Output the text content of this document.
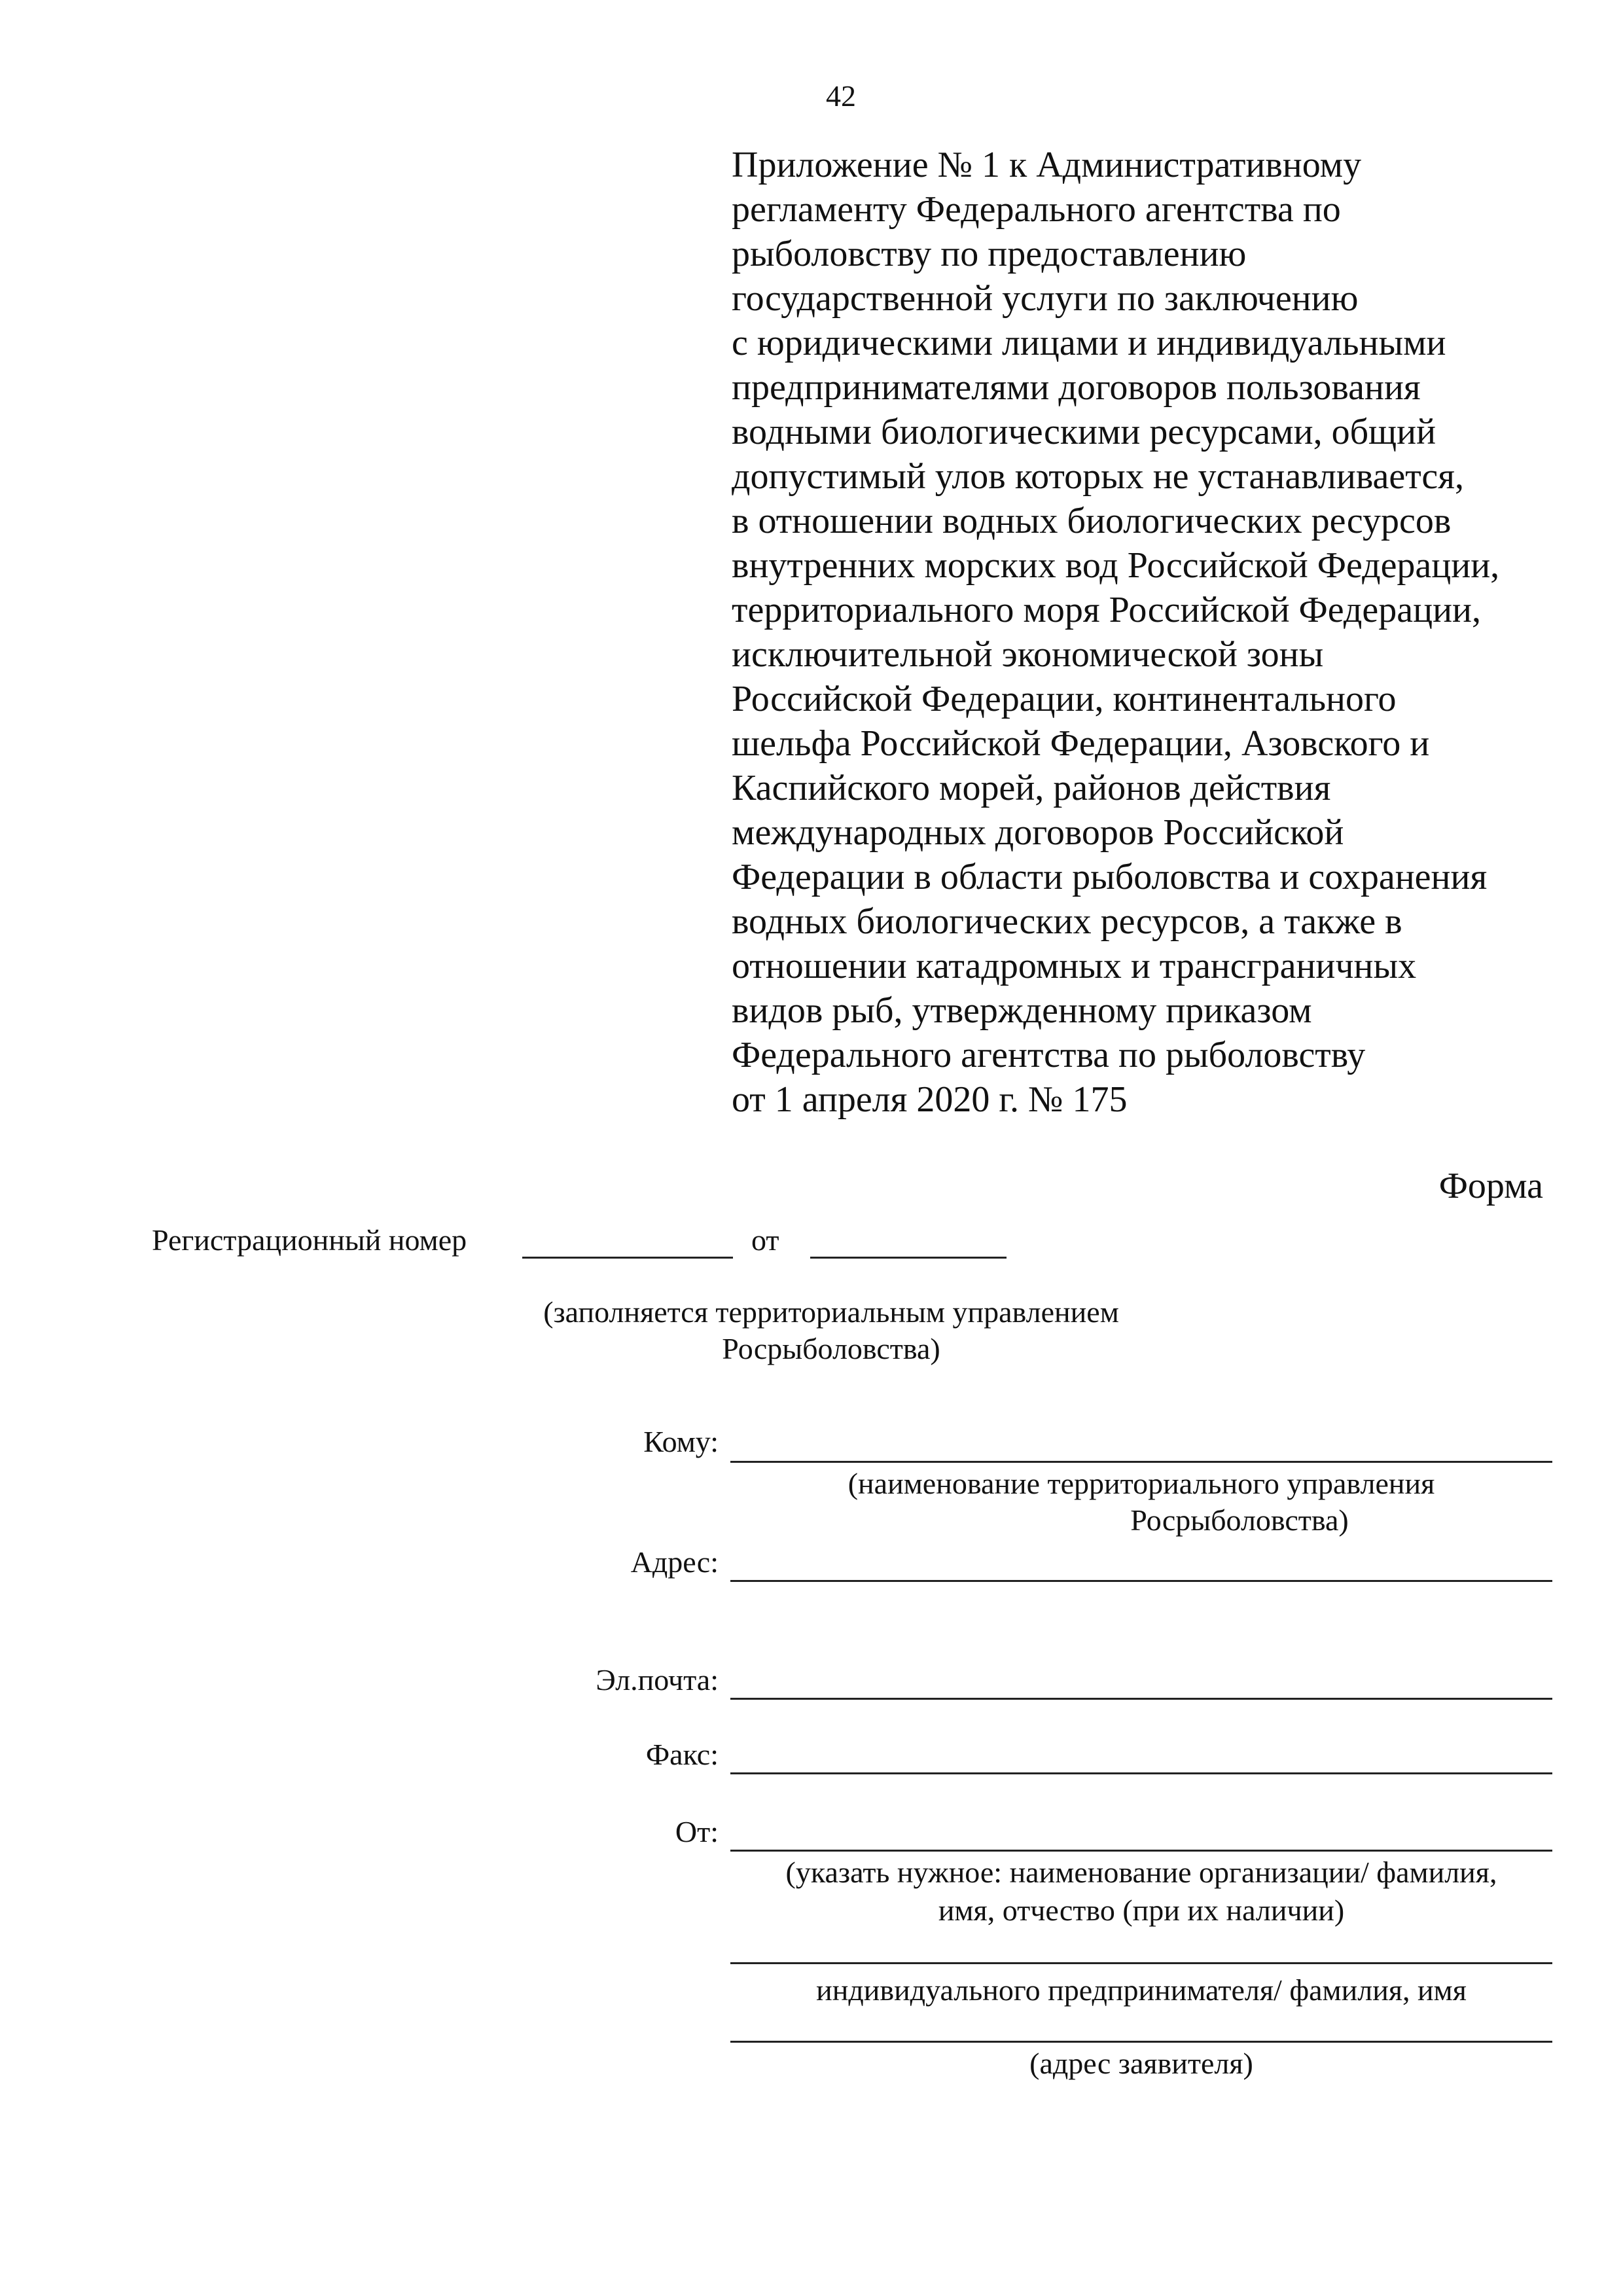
42
Приложение № 1 к Административному
регламенту Федерального агентства по
рыболовству по предоставлению
государственной услуги по заключению
с юридическими лицами и индивидуальными
предпринимателями договоров пользования
водными биологическими ресурсами, общий
допустимый улов которых не устанавливается,
в отношении водных биологических ресурсов
внутренних морских вод Российской Федерации,
территориального моря Российской Федерации,
исключительной экономической зоны
Российской Федерации, континентального
шельфа Российской Федерации, Азовского и
Каспийского морей, районов действия
международных договоров Российской
Федерации в области рыболовства и сохранения
водных биологических ресурсов, а также в
отношении катадромных и трансграничных
видов рыб, утвержденному приказом
Федерального агентства по рыболовству
от 1 апреля 2020 г. № 175
Форма
Регистрационный номер	от
(заполняется территориальным управлением
Росрыболовства)
Кому:
(наименование территориального управления
Росрыболовства)
Адрес:
Эл.почта:
Факс:
От:
(указать нужное: наименование организации/ фамилия,
имя, отчество (при их наличии)
индивидуального предпринимателя/ фамилия, имя
(адрес заявителя)
